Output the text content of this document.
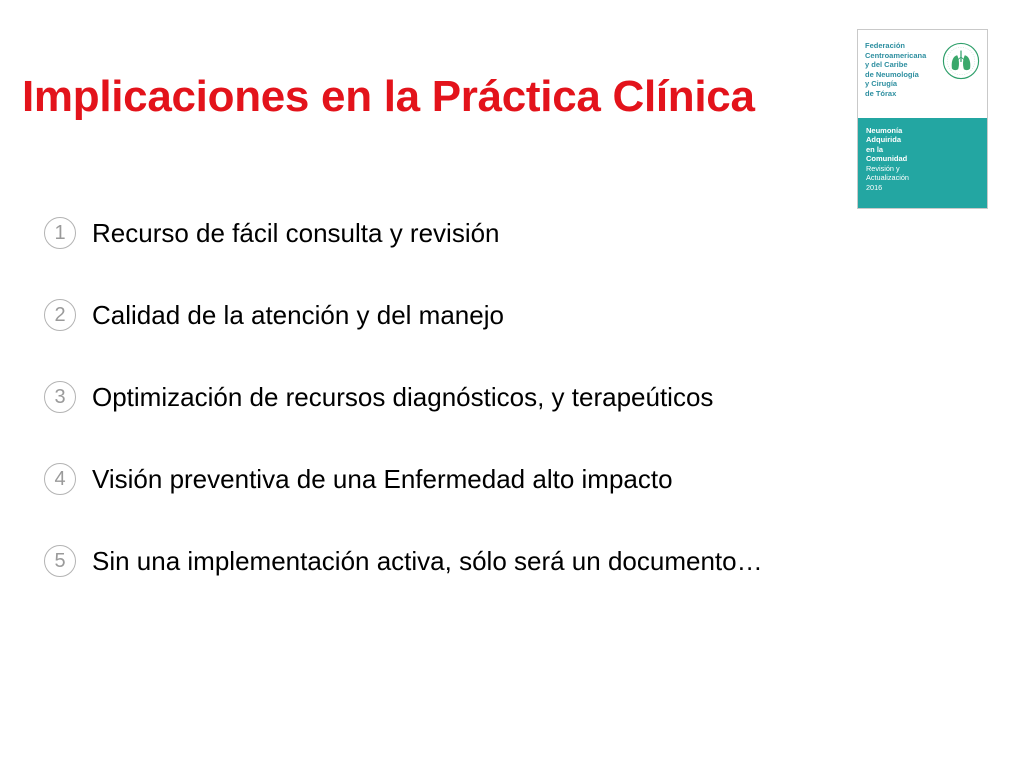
Implicaciones en la Práctica Clínica
1	Recurso de fácil consulta y revisión
2	Calidad de la atención y del manejo
3	Optimización de recursos diagnósticos, y terapeúticos
4	Visión preventiva de una Enfermedad alto impacto
5	Sin una implementación activa, sólo será un documento…

Federación
Centroamericana
y del Caribe
de Neumología
y Cirugía
de Tórax

Neumonía
Adquirida
en la
Comunidad

Revisión y
Actualización
2016
